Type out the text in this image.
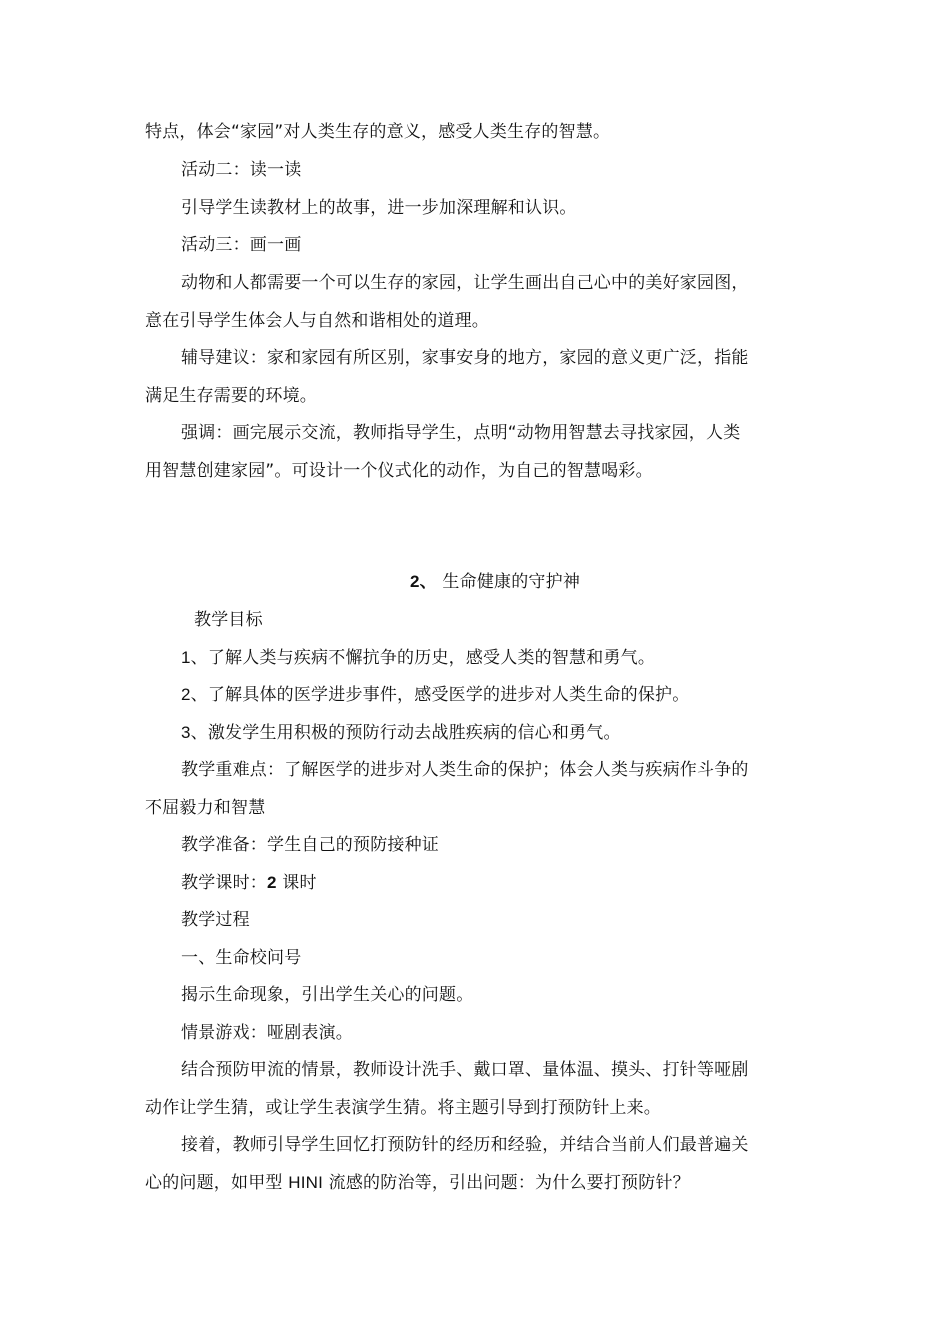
特点，体会“家园”对人类生存的意义，感受人类生存的智慧。
活动二：读一读
引导学生读教材上的故事，进一步加深理解和认识。
活动三：画一画
动物和人都需要一个可以生存的家园，让学生画出自己心中的美好家园图，
意在引导学生体会人与自然和谐相处的道理。
辅导建议：家和家园有所区别，家事安身的地方，家园的意义更广泛，指能
满足生存需要的环境。
强调：画完展示交流，教师指导学生，点明“动物用智慧去寻找家园，人类
用智慧创建家园”。可设计一个仪式化的动作，为自己的智慧喝彩。
2、 生命健康的守护神
教学目标
1、了解人类与疾病不懈抗争的历史，感受人类的智慧和勇气。
2、了解具体的医学进步事件，感受医学的进步对人类生命的保护。
3、激发学生用积极的预防行动去战胜疾病的信心和勇气。
教学重难点：了解医学的进步对人类生命的保护；体会人类与疾病作斗争的
不屈毅力和智慧
教学准备：学生自己的预防接种证
教学课时：2 课时
教学过程
一、生命校问号
揭示生命现象，引出学生关心的问题。
情景游戏：哑剧表演。
结合预防甲流的情景，教师设计洗手、戴口罩、量体温、摸头、打针等哑剧
动作让学生猜，或让学生表演学生猜。将主题引导到打预防针上来。
接着，教师引导学生回忆打预防针的经历和经验，并结合当前人们最普遍关
心的问题，如甲型 HINI 流感的防治等，引出问题：为什么要打预防针？
